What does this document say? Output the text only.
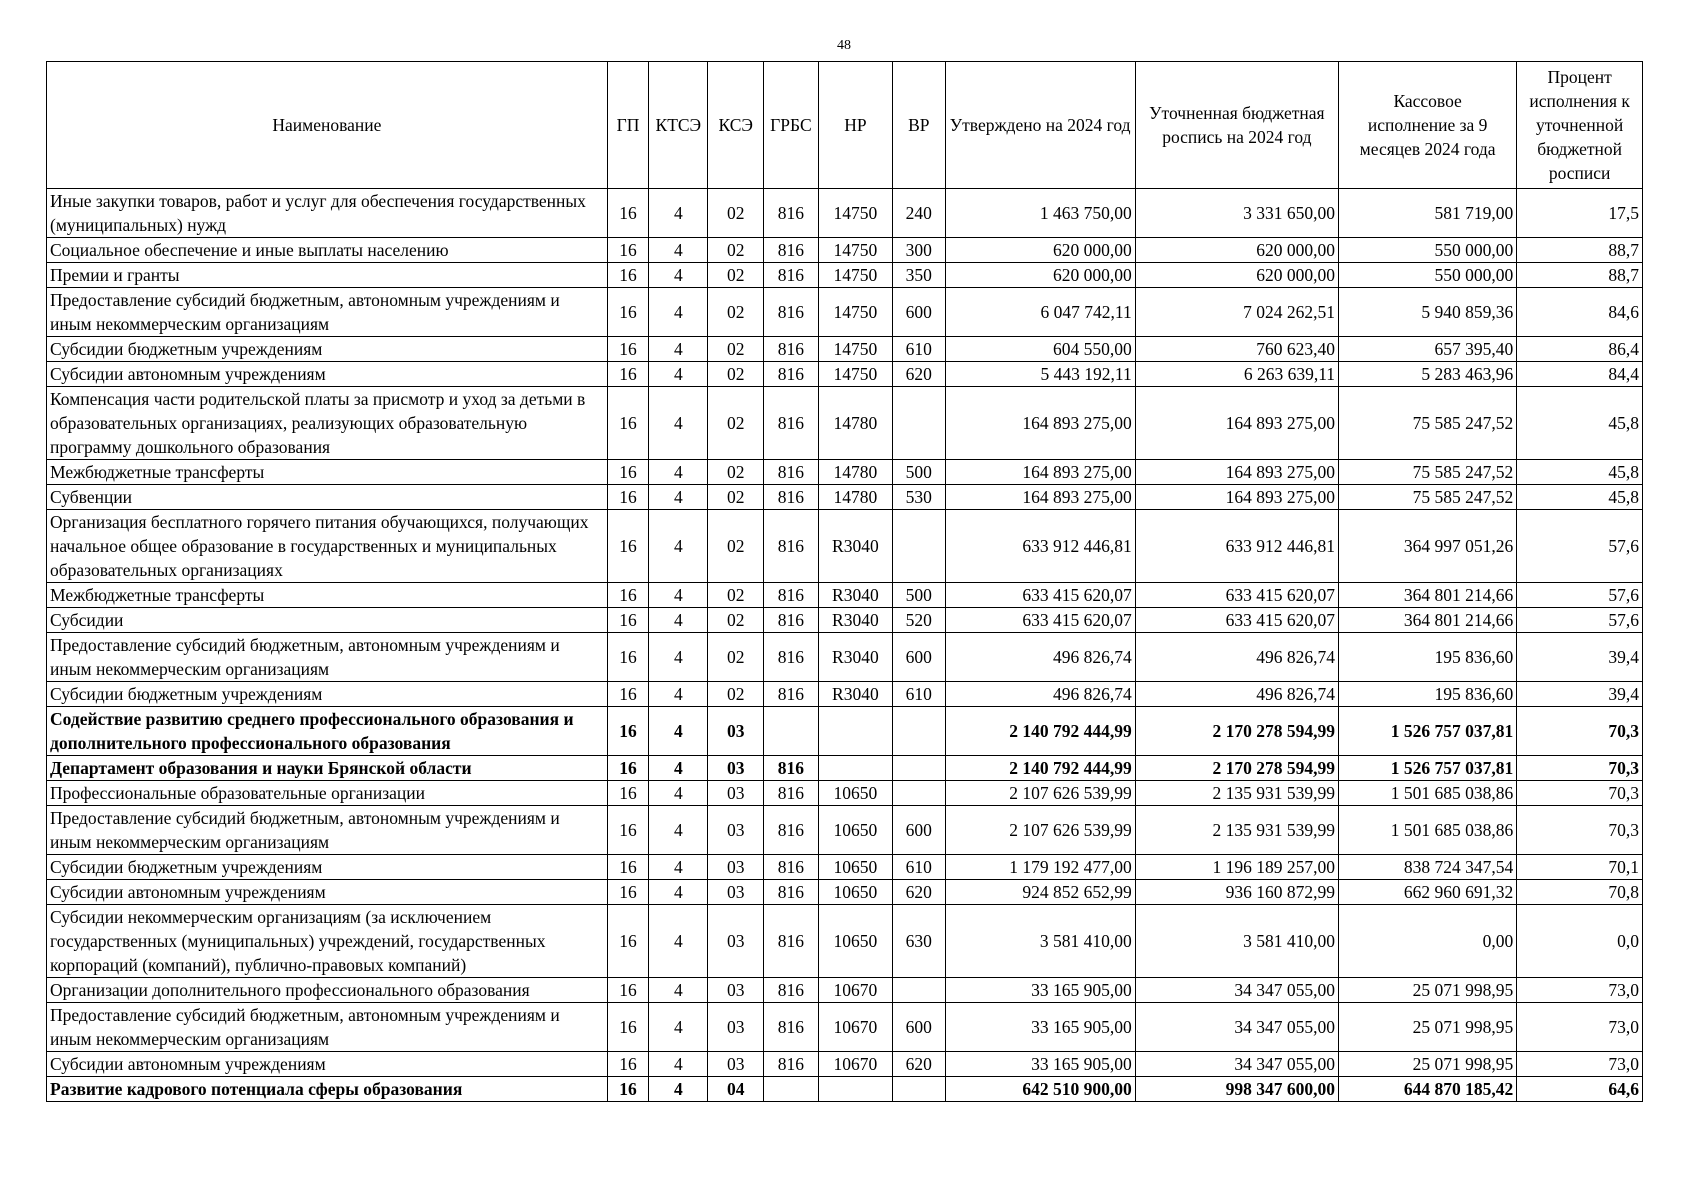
48
Наименование	ГП	КТСЭ	КСЭ	ГРБС	НР	ВР	Утверждено на 2024 год	Уточненная бюджетная роспись на 2024 год	Кассовое исполнение за 9 месяцев 2024 года	Процент исполнения к уточненной бюджетной росписи
Иные закупки товаров, работ и услуг для обеспечения государственных (муниципальных) нужд	16	4	02	816	14750	240	1 463 750,00	3 331 650,00	581 719,00	17,5
Социальное обеспечение и иные выплаты населению	16	4	02	816	14750	300	620 000,00	620 000,00	550 000,00	88,7
Премии и гранты	16	4	02	816	14750	350	620 000,00	620 000,00	550 000,00	88,7
Предоставление субсидий бюджетным, автономным учреждениям и иным некоммерческим организациям	16	4	02	816	14750	600	6 047 742,11	7 024 262,51	5 940 859,36	84,6
Субсидии бюджетным учреждениям	16	4	02	816	14750	610	604 550,00	760 623,40	657 395,40	86,4
Субсидии автономным учреждениям	16	4	02	816	14750	620	5 443 192,11	6 263 639,11	5 283 463,96	84,4
Компенсация части родительской платы за присмотр и уход за детьми в образовательных организациях, реализующих образовательную программу дошкольного образования	16	4	02	816	14780		164 893 275,00	164 893 275,00	75 585 247,52	45,8
Межбюджетные трансферты	16	4	02	816	14780	500	164 893 275,00	164 893 275,00	75 585 247,52	45,8
Субвенции	16	4	02	816	14780	530	164 893 275,00	164 893 275,00	75 585 247,52	45,8
Организация бесплатного горячего питания обучающихся, получающих начальное общее образование в государственных и муниципальных образовательных организациях	16	4	02	816	R3040		633 912 446,81	633 912 446,81	364 997 051,26	57,6
Межбюджетные трансферты	16	4	02	816	R3040	500	633 415 620,07	633 415 620,07	364 801 214,66	57,6
Субсидии	16	4	02	816	R3040	520	633 415 620,07	633 415 620,07	364 801 214,66	57,6
Предоставление субсидий бюджетным, автономным учреждениям и иным некоммерческим организациям	16	4	02	816	R3040	600	496 826,74	496 826,74	195 836,60	39,4
Субсидии бюджетным учреждениям	16	4	02	816	R3040	610	496 826,74	496 826,74	195 836,60	39,4
Содействие развитию среднего профессионального образования и дополнительного профессионального образования	16	4	03				2 140 792 444,99	2 170 278 594,99	1 526 757 037,81	70,3
Департамент образования и науки Брянской области	16	4	03	816			2 140 792 444,99	2 170 278 594,99	1 526 757 037,81	70,3
Профессиональные образовательные организации	16	4	03	816	10650		2 107 626 539,99	2 135 931 539,99	1 501 685 038,86	70,3
Предоставление субсидий бюджетным, автономным учреждениям и иным некоммерческим организациям	16	4	03	816	10650	600	2 107 626 539,99	2 135 931 539,99	1 501 685 038,86	70,3
Субсидии бюджетным учреждениям	16	4	03	816	10650	610	1 179 192 477,00	1 196 189 257,00	838 724 347,54	70,1
Субсидии автономным учреждениям	16	4	03	816	10650	620	924 852 652,99	936 160 872,99	662 960 691,32	70,8
Субсидии некоммерческим организациям (за исключением государственных (муниципальных) учреждений, государственных корпораций (компаний), публично-правовых компаний)	16	4	03	816	10650	630	3 581 410,00	3 581 410,00	0,00	0,0
Организации дополнительного профессионального образования	16	4	03	816	10670		33 165 905,00	34 347 055,00	25 071 998,95	73,0
Предоставление субсидий бюджетным, автономным учреждениям и иным некоммерческим организациям	16	4	03	816	10670	600	33 165 905,00	34 347 055,00	25 071 998,95	73,0
Субсидии автономным учреждениям	16	4	03	816	10670	620	33 165 905,00	34 347 055,00	25 071 998,95	73,0
Развитие кадрового потенциала сферы образования	16	4	04				642 510 900,00	998 347 600,00	644 870 185,42	64,6
